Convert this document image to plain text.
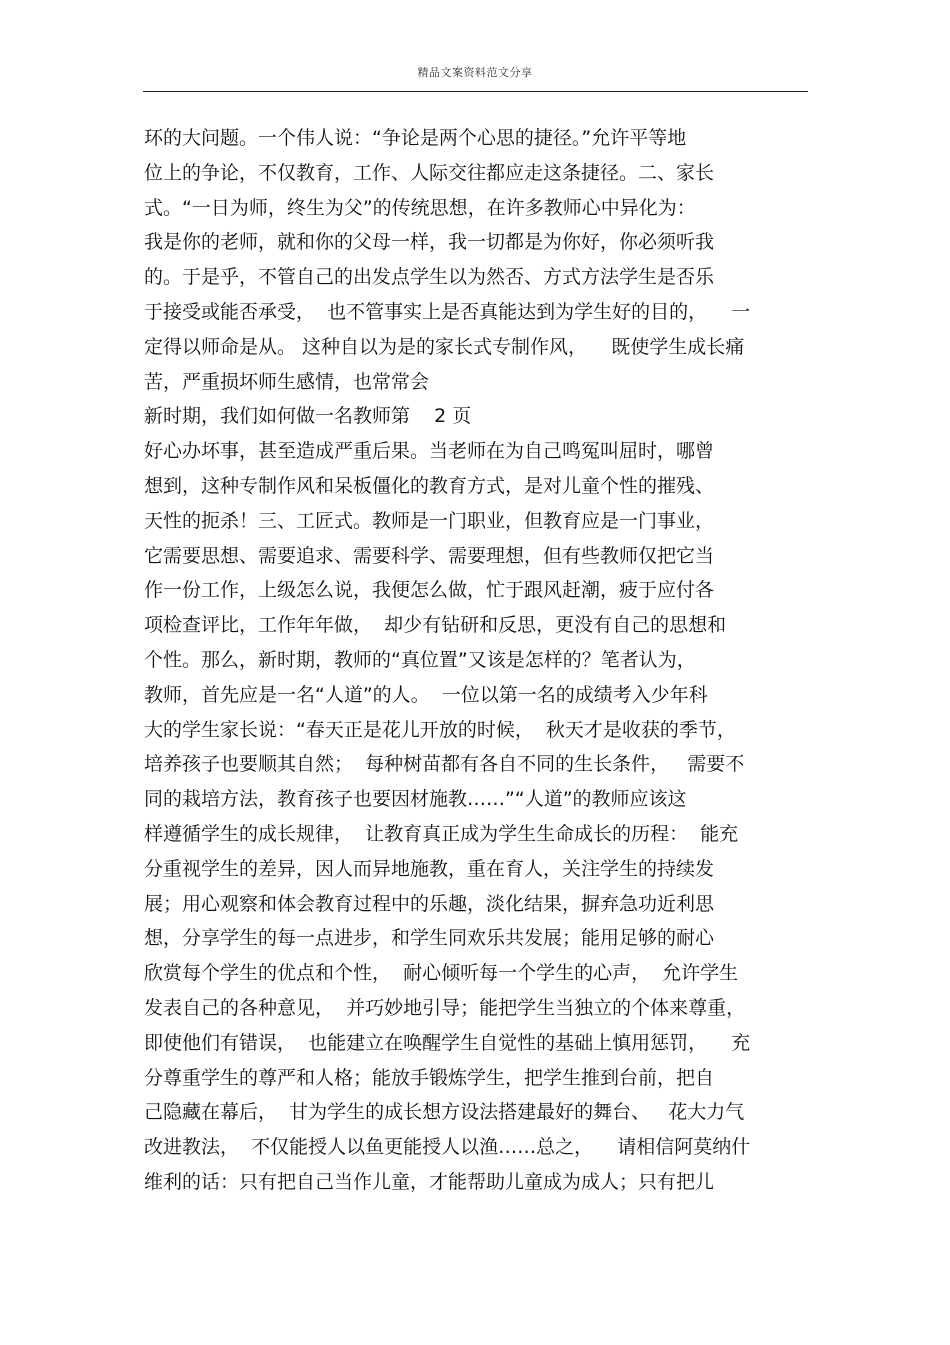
精品文案资料范文分享
环的大问题。一个伟人说：“争论是两个心思的捷径。”允许平等地
位上的争论，不仅教育，工作、人际交往都应走这条捷径。二、家长
式。“一日为师，终生为父”的传统思想，在许多教师心中异化为：
我是你的老师，就和你的父母一样，我一切都是为你好，你必须听我
的。于是乎，不管自己的出发点学生以为然否、方式方法学生是否乐
于接受或能否承受，  也不管事实上是否真能达到为学生好的目的，    一
定得以师命是从。 这种自以为是的家长式专制作风，    既使学生成长痛
苦，严重损坏师生感情，也常常会
新时期，我们如何做一名教师第    2 页
好心办坏事，甚至造成严重后果。当老师在为自己鸣冤叫屈时，哪曾
想到，这种专制作风和呆板僵化的教育方式，是对儿童个性的摧残、
天性的扼杀！三、工匠式。教师是一门职业，但教育应是一门事业，
它需要思想、需要追求、需要科学、需要理想，但有些教师仅把它当
作一份工作，上级怎么说，我便怎么做，忙于跟风赶潮，疲于应付各
项检查评比，工作年年做，  却少有钻研和反思，更没有自己的思想和
个性。那么，新时期，教师的“真位置”又该是怎样的？笔者认为，
教师，首先应是一名“人道”的人。  一位以第一名的成绩考入少年科
大的学生家长说：“春天正是花儿开放的时候，  秋天才是收获的季节，
培养孩子也要顺其自然；  每种树苗都有各自不同的生长条件，   需要不
同的栽培方法，教育孩子也要因材施教……”“人道”的教师应该这
样遵循学生的成长规律，  让教育真正成为学生生命成长的历程：  能充
分重视学生的差异，因人而异地施教，重在育人，关注学生的持续发
展；用心观察和体会教育过程中的乐趣，淡化结果，摒弃急功近利思
想，分享学生的每一点进步，和学生同欢乐共发展；能用足够的耐心
欣赏每个学生的优点和个性，  耐心倾听每一个学生的心声，  允许学生
发表自己的各种意见，  并巧妙地引导；能把学生当独立的个体来尊重，
即使他们有错误，  也能建立在唤醒学生自觉性的基础上慎用惩罚，    充
分尊重学生的尊严和人格；能放手锻炼学生，把学生推到台前，把自
己隐藏在幕后，  甘为学生的成长想方设法搭建最好的舞台、   花大力气
改进教法，  不仅能授人以鱼更能授人以渔……总之，    请相信阿莫纳什
维利的话：只有把自己当作儿童，才能帮助儿童成为成人；只有把儿
